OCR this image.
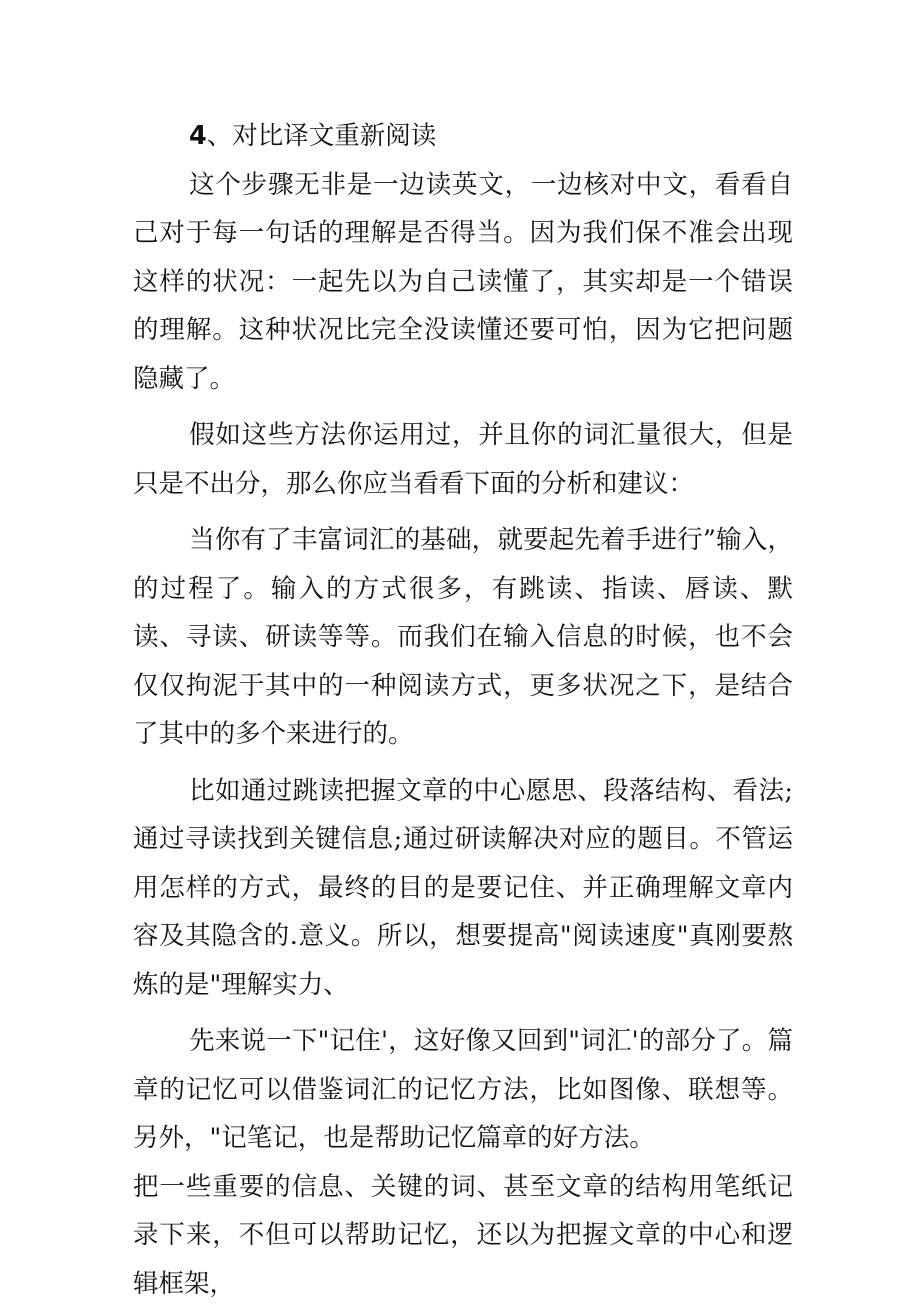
4、对比译文重新阅读

这个步骤无非是一边读英文，一边核对中文，看看自己对于每一句话的理解是否得当。因为我们保不准会出现这样的状况：一起先以为自己读懂了，其实却是一个错误的理解。这种状况比完全没读懂还要可怕，因为它把问题隐藏了。

假如这些方法你运用过，并且你的词汇量很大，但是只是不出分，那么你应当看看下面的分析和建议：

当你有了丰富词汇的基础，就要起先着手进行”输入，的过程了。输入的方式很多，有跳读、指读、唇读、默读、寻读、研读等等。而我们在输入信息的时候，也不会仅仅拘泥于其中的一种阅读方式，更多状况之下，是结合了其中的多个来进行的。

比如通过跳读把握文章的中心愿思、段落结构、看法;通过寻读找到关键信息;通过研读解决对应的题目。不管运用怎样的方式，最终的目的是要记住、并正确理解文章内容及其隐含的.意义。所以，想要提高"阅读速度"真刚要熬炼的是"理解实力、

先来说一下"记住'，这好像又回到"词汇'的部分了。篇章的记忆可以借鉴词汇的记忆方法，比如图像、联想等。另外，"记笔记，也是帮助记忆篇章的好方法。

把一些重要的信息、关键的词、甚至文章的结构用笔纸记录下来，不但可以帮助记忆，还以为把握文章的中心和逻辑框架，
